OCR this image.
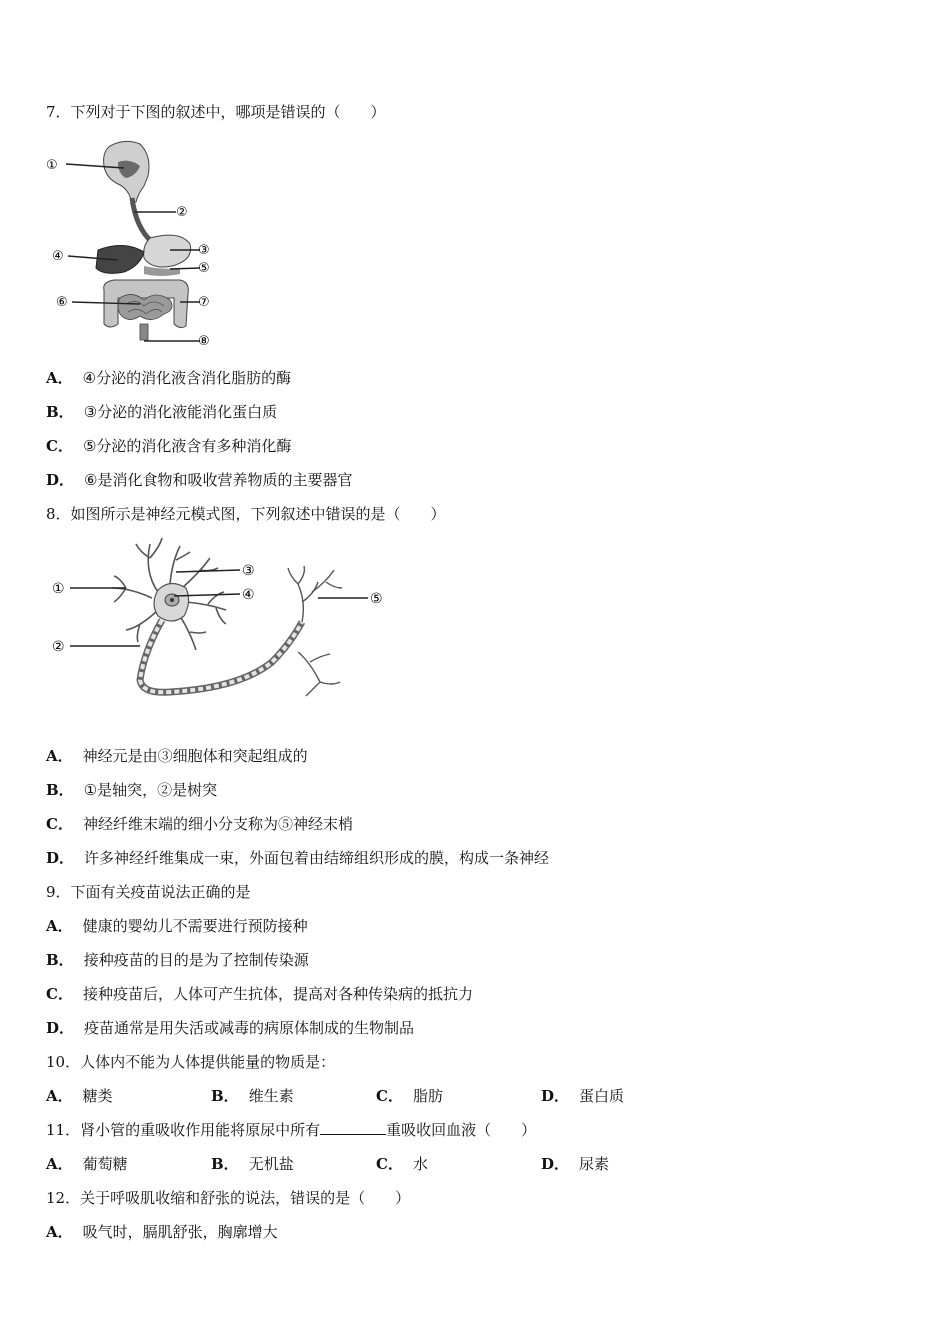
7．下列对于下图的叙述中，哪项是错误的（　　）
①
②
③
④
⑤
⑥	⑦
⑧
A． ④分泌的消化液含消化脂肪的酶
B． ③分泌的消化液能消化蛋白质
C． ⑤分泌的消化液含有多种消化酶
D． ⑥是消化食物和吸收营养物质的主要器官
8．如图所示是神经元模式图，下列叙述中错误的是（　　）
①
②
③
④	⑤
A． 神经元是由③细胞体和突起组成的
B． ①是轴突，②是树突
C． 神经纤维末端的细小分支称为⑤神经末梢
D． 许多神经纤维集成一束，外面包着由结缔组织形成的膜，构成一条神经
9．下面有关疫苗说法正确的是
A． 健康的婴幼儿不需要进行预防接种
B． 接种疫苗的目的是为了控制传染源
C． 接种疫苗后，人体可产生抗体，提高对各种传染病的抵抗力
D． 疫苗通常是用失活或减毒的病原体制成的生物制品
10．人体内不能为人体提供能量的物质是：
A． 糖类	B． 维生素	C． 脂肪	D． 蛋白质
11．肾小管的重吸收作用能将原尿中所有	重吸收回血液（　　）
A． 葡萄糖	B． 无机盐	C． 水	D． 尿素
12．关于呼吸肌收缩和舒张的说法，错误的是（　　）
A． 吸气时，膈肌舒张，胸廓增大
